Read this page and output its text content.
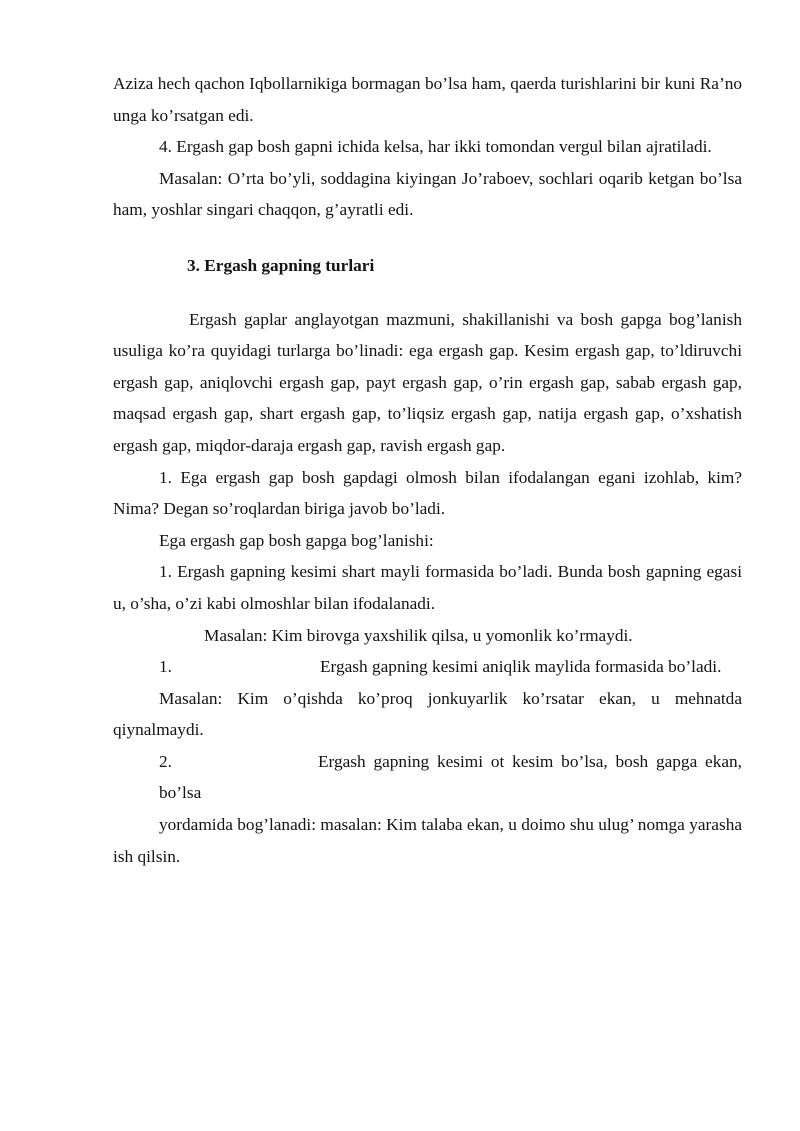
Aziza hech qachon Iqbollarnikiga bormagan bo’lsa ham, qaerda turishlarini bir kuni Ra’no unga ko’rsatgan edi.

4. Ergash gap bosh gapni ichida kelsa, har ikki tomondan vergul bilan ajratiladi.

Masalan: O’rta bo’yli, soddagina kiyingan Jo’raboev, sochlari oqarib ketgan bo’lsa ham, yoshlar singari chaqqon, g’ayratli edi.

3. Ergash gapning turlari

Ergash gaplar anglayotgan mazmuni, shakillanishi va bosh gapga bog’lanish usuliga ko’ra quyidagi turlarga bo’linadi: ega ergash gap. Kesim ergash gap, to’ldiruvchi ergash gap, aniqlovchi ergash gap, payt ergash gap, o’rin ergash gap, sabab ergash gap, maqsad ergash gap, shart ergash gap, to’liqsiz ergash gap, natija ergash gap, o’xshatish ergash gap, miqdor-daraja ergash gap, ravish ergash gap.

1. Ega ergash gap bosh gapdagi olmosh bilan ifodalangan egani izohlab, kim? Nima? Degan so’roqlardan biriga javob bo’ladi.

Ega ergash gap bosh gapga bog’lanishi:

1. Ergash gapning kesimi shart mayli formasida bo’ladi. Bunda bosh gapning egasi u, o’sha, o’zi kabi olmoshlar bilan ifodalanadi.

Masalan: Kim birovga yaxshilik qilsa, u yomonlik ko’rmaydi.

1.	Ergash gapning kesimi aniqlik maylida formasida bo’ladi.

Masalan: Kim o’qishda ko’proq jonkuyarlik ko’rsatar ekan, u mehnatda qiynalmaydi.

2.	Ergash gapning kesimi ot kesim bo’lsa, bosh gapga ekan, bo’lsa

yordamida bog’lanadi: masalan: Kim talaba ekan, u doimo shu ulug’ nomga yarasha ish qilsin.
